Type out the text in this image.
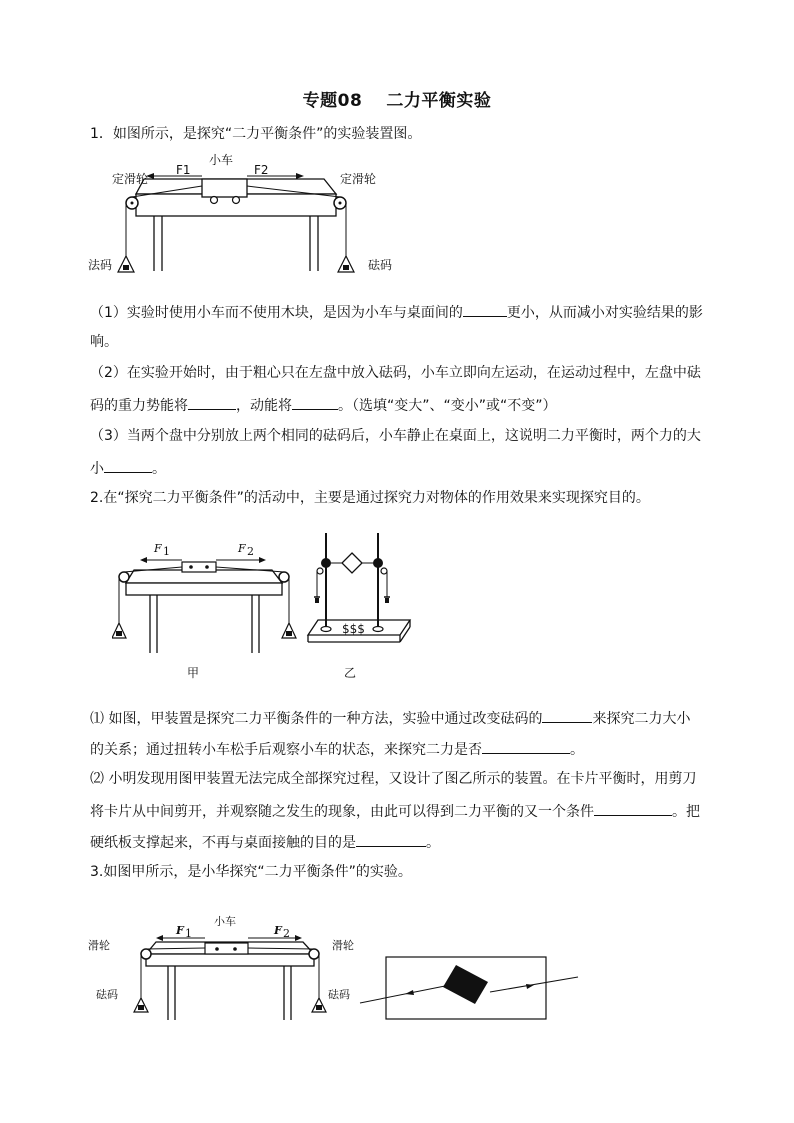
专题08 二力平衡实验
1．如图所示，是探究“二力平衡条件”的实验装置图。
小车
F1	F2
定滑轮	定滑轮
法码	砝码
（1）实验时使用小车而不使用木块，是因为小车与桌面间的	更小，从而减小对实验结果的影
响。
（2）在实验开始时，由于粗心只在左盘中放入砝码，小车立即向左运动，在运动过程中，左盘中砝
码的重力势能将	，动能将	。（选填“变大”、“变小”或“不变”）
（3）当两个盘中分别放上两个相同的砝码后，小车静止在桌面上，这说明二力平衡时，两个力的大
小	。
2.在“探究二力平衡条件”的活动中，主要是通过探究力对物体的作用效果来实现探究目的。
F 1	F 2
甲
$$$
乙
⑴ 如图，甲装置是探究二力平衡条件的一种方法，实验中通过改变砝码的	来探究二力大小
的关系；通过扭转小车松手后观察小车的状态，来探究二力是否	。
⑵ 小明发现用图甲装置无法完成全部探究过程，又设计了图乙所示的装置。在卡片平衡时，用剪刀
将卡片从中间剪开，并观察随之发生的现象，由此可以得到二力平衡的又一个条件	。把
硬纸板支撑起来，不再与桌面接触的目的是	。
3.如图甲所示，是小华探究“二力平衡条件”的实验。
小车
F 1	F 2
滑轮	滑轮
砝码	砝码
